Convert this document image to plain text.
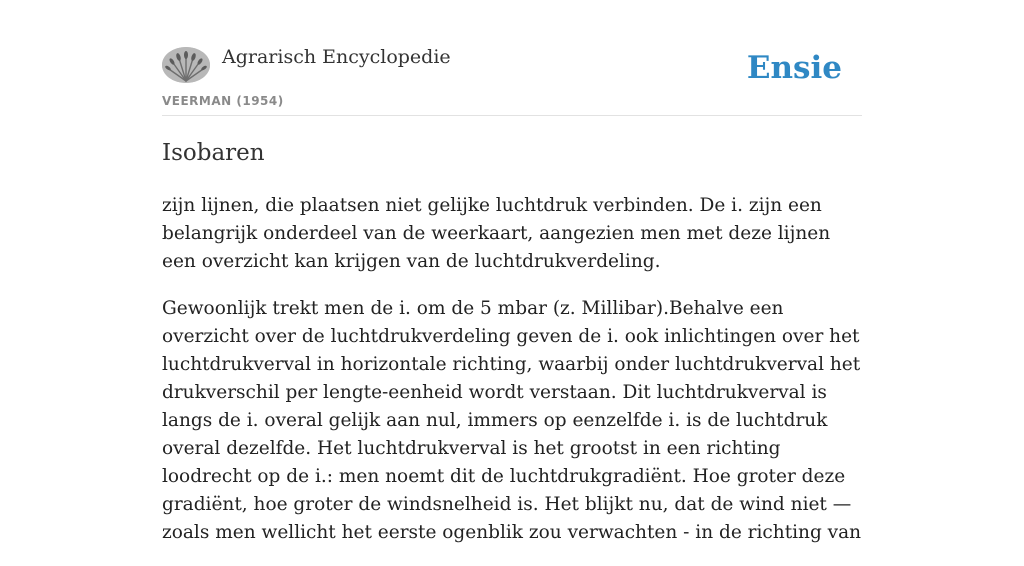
Agrarisch Encyclopedie
VEERMAN (1954)
Ensie
Isobaren

zijn lijnen, die plaatsen niet gelijke luchtdruk verbinden. De i. zijn een belangrijk onderdeel van de weerkaart, aangezien men met deze lijnen een overzicht kan krijgen van de luchtdrukverdeling.

Gewoonlijk trekt men de i. om de 5 mbar (z. Millibar).Behalve een overzicht over de luchtdrukverdeling geven de i. ook inlichtingen over het luchtdrukverval in horizontale richting, waarbij onder luchtdrukverval het drukverschil per lengte-eenheid wordt verstaan. Dit luchtdrukverval is langs de i. overal gelijk aan nul, immers op eenzelfde i. is de luchtdruk overal dezelfde. Het luchtdrukverval is het grootst in een richting loodrecht op de i.: men noemt dit de luchtdrukgradiënt. Hoe groter deze gradiënt, hoe groter de windsnelheid is. Het blijkt nu, dat de wind niet — zoals men wellicht het eerste ogenblik zou verwachten - in de richting van
